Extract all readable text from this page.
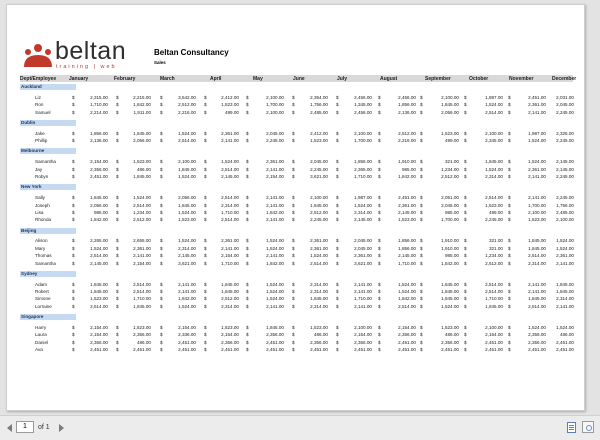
beltan
training | web
Beltan Consultancy
Sales
Dept/Employee	January	February	March	April	May	June	July	August	September	October	November	December
Auckland
Liz	$	2,315.00 $	2,215.00 $	3,542.00 $	2,412.00 $	2,100.00 $	2,354.00 $	2,456.00 $	2,456.00 $	2,100.00 $	1,987.00 $	2,451.00	2,031.00
Ron	$	1,710.00 $	1,842.00 $	2,512.00 $	1,523.00 $	1,700.00 $	1,756.00 $	1,345.00 $	1,856.00 $	1,845.00 $	1,524.00 $	2,361.00	2,045.00
Samuel	$	2,214.00 $	1,911.00 $	2,216.00 $	499.00 $	2,100.00 $	2,485.00 $	2,456.00 $	2,136.00 $	2,056.00 $	2,514.00 $	2,141.00	2,245.00
Dublin
Jake	$	1,856.00 $	1,845.00 $	1,524.00 $	2,361.00 $	2,045.00 $	2,412.00 $	2,100.00 $	2,512.00 $	1,523.00 $	2,100.00 $	1,987.00	2,325.00
Phillip	$	2,136.00 $	2,056.00 $	2,514.00 $	2,141.00 $	2,245.00 $	1,523.00 $	1,700.00 $	2,216.00 $	499.00 $	2,345.00 $	1,524.00	2,245.00
Melbourne
Samantha	$	2,154.00 $	1,523.00 $	2,100.00 $	1,524.00 $	2,361.00 $	2,045.00 $	1,856.00 $	1,910.00 $	321.00 $	1,845.00 $	1,524.00	2,145.00
Jay	$	2,356.00 $	486.00 $	1,845.00 $	2,514.00 $	2,141.00 $	2,245.00 $	2,365.00 $	985.00 $	1,234.00 $	1,524.00 $	2,361.00	2,145.00
Robyn	$	2,451.00 $	1,845.00 $	1,524.00 $	2,145.00 $	2,154.00 $	3,621.00 $	1,710.00 $	1,842.00 $	2,512.00 $	2,314.00 $	2,141.00	2,245.00
New York
Sally	$	1,845.00 $	1,524.00 $	2,056.00 $	2,514.00 $	2,141.00 $	2,100.00 $	1,987.00 $	2,451.00 $	2,051.00 $	2,514.00 $	2,141.00	2,245.00
Joseph	$	2,056.00 $	2,514.00 $	1,845.00 $	2,314.00 $	2,141.00 $	1,845.00 $	1,524.00 $	2,361.00 $	2,045.00 $	1,523.00 $	1,700.00	1,756.00
Lisa	$	985.00 $	1,234.00 $	1,524.00 $	1,710.00 $	1,842.00 $	2,512.00 $	2,314.00 $	2,145.00 $	985.00 $	499.00 $	2,100.00	2,485.00
Rhonda	$	1,842.00 $	2,512.00 $	1,523.00 $	2,514.00 $	2,141.00 $	2,245.00 $	2,145.00 $	1,523.00 $	1,700.00 $	2,245.00 $	1,523.00	2,100.00
Beijing
Alison	$	2,265.00 $	2,655.00 $	1,524.00 $	2,361.00 $	1,524.00 $	2,361.00 $	2,045.00 $	1,856.00 $	1,910.00 $	321.00 $	1,845.00	1,524.00
Mary	$	1,524.00 $	2,361.00 $	2,314.00 $	2,141.00 $	1,524.00 $	2,361.00 $	2,045.00 $	1,856.00 $	1,910.00 $	321.00 $	1,845.00	1,524.00
Thomas	$	2,514.00 $	2,141.00 $	2,145.00 $	2,154.00 $	2,141.00 $	1,524.00 $	2,361.00 $	2,145.00 $	985.00 $	1,234.00 $	2,514.00	2,361.00
Samantha	$	2,145.00 $	2,154.00 $	3,621.00 $	1,710.00 $	1,842.00 $	2,514.00 $	3,621.00 $	1,710.00 $	1,842.00 $	2,512.00 $	2,314.00	2,141.00
Sydney
Adam	$	1,845.00 $	2,514.00 $	2,141.00 $	1,845.00 $	1,524.00 $	2,314.00 $	2,141.00 $	1,524.00 $	1,845.00 $	2,514.00 $	2,141.00	1,845.00
Robert	$	1,845.00 $	2,514.00 $	2,141.00 $	1,845.00 $	1,524.00 $	2,314.00 $	2,141.00 $	1,524.00 $	1,845.00 $	2,514.00 $	2,141.00	1,845.00
Simone	$	1,523.00 $	1,710.00 $	1,842.00 $	2,512.00 $	1,524.00 $	1,845.00 $	1,710.00 $	1,842.00 $	1,845.00 $	1,710.00 $	1,845.00	2,314.00
Lorraine	$	2,514.00 $	1,845.00 $	1,524.00 $	2,314.00 $	2,141.00 $	2,314.00 $	2,141.00 $	2,514.00 $	1,524.00 $	1,845.00 $	2,514.00	2,141.00
Singapore
Harry	$	2,154.00 $	1,523.00 $	2,154.00 $	1,523.00 $	1,845.00 $	1,523.00 $	2,100.00 $	2,154.00 $	1,523.00 $	2,100.00 $	1,524.00	1,524.00
Laura	$	2,154.00 $	2,356.00 $	2,336.00 $	2,154.00 $	2,356.00 $	486.00 $	2,154.00 $	2,356.00 $	486.00 $	2,154.00 $	2,356.00	486.00
Daniel	$	2,356.00 $	486.00 $	2,451.00 $	2,356.00 $	2,451.00 $	2,356.00 $	2,356.00 $	2,451.00 $	2,356.00 $	2,451.00 $	2,356.00	2,451.00
Ava	$	2,451.00 $	2,451.00 $	2,451.00 $	2,451.00 $	2,451.00 $	2,451.00 $	2,451.00 $	2,451.00 $	2,451.00 $	2,451.00 $	2,451.00	2,451.00
1
of 1
